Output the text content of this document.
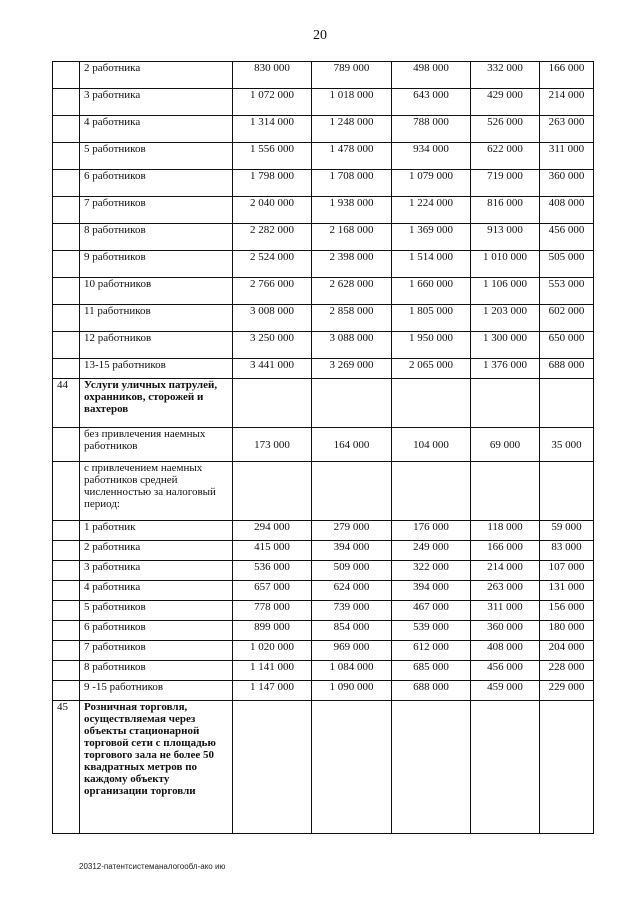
20
	2 работника	830 000	789 000	498 000	332 000	166 000
	3 работника	1 072 000	1 018 000	643 000	429 000	214 000
	4 работника	1 314 000	1 248 000	788 000	526 000	263 000
	5 работников	1 556 000	1 478 000	934 000	622 000	311 000
	6 работников	1 798 000	1 708 000	1 079 000	719 000	360 000
	7 работников	2 040 000	1 938 000	1 224 000	816 000	408 000
	8 работников	2 282 000	2 168 000	1 369 000	913 000	456 000
	9 работников	2 524 000	2 398 000	1 514 000	1 010 000	505 000
	10 работников	2 766 000	2 628 000	1 660 000	1 106 000	553 000
	11 работников	3 008 000	2 858 000	1 805 000	1 203 000	602 000
	12 работников	3 250 000	3 088 000	1 950 000	1 300 000	650 000
	13-15 работников	3 441 000	3 269 000	2 065 000	1 376 000	688 000
44	Услуги уличных патрулей, охранников, сторожей и вахтеров					
	без привлечения наемных работников	173 000	164 000	104 000	69 000	35 000
	с привлечением наемных работников средней численностью за налоговый период:					
	1 работник	294 000	279 000	176 000	118 000	59 000
	2 работника	415 000	394 000	249 000	166 000	83 000
	3 работника	536 000	509 000	322 000	214 000	107 000
	4 работника	657 000	624 000	394 000	263 000	131 000
	5 работников	778 000	739 000	467 000	311 000	156 000
	6 работников	899 000	854 000	539 000	360 000	180 000
	7 работников	1 020 000	969 000	612 000	408 000	204 000
	8 работников	1 141 000	1 084 000	685 000	456 000	228 000
	9 -15 работников	1 147 000	1 090 000	688 000	459 000	229 000
45	Розничная торговля, осуществляемая через объекты стационарной торговой сети с площадью торгового зала не более 50 квадратных метров по каждому объекту организации торговли					
20312-патентсистеманалогообл-ако ию
